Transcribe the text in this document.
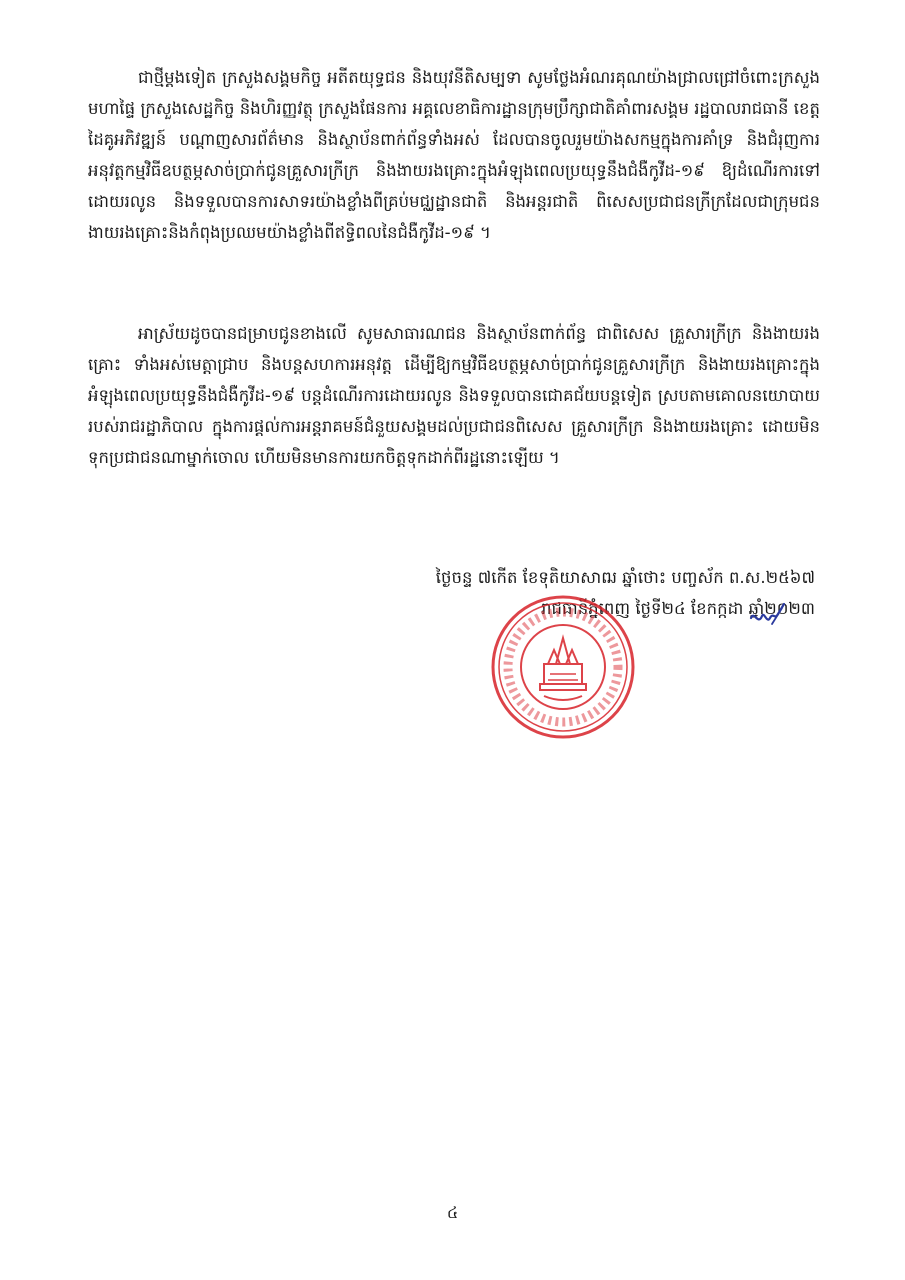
ជាថ្មីម្តងទៀត ក្រសួងសង្គមកិច្ច អតីតយុទ្ធជន និងយុវនីតិសម្បទា សូមថ្លែងអំណរគុណយ៉ាងជ្រាលជ្រៅចំពោះក្រសួងមហាផ្ទៃ ក្រសួងសេដ្ឋកិច្ច និងហិរញ្ញវត្ថុ ក្រសួងផែនការ អគ្គលេខាធិការដ្ឋានក្រុមប្រឹក្សាជាតិគាំពារសង្គម រដ្ឋបាលរាជធានី ខេត្ត ដៃគូអភិវឌ្ឍន៍ បណ្តាញសារព័ត៌មាន និងស្ថាប័នពាក់ព័ន្ធទាំងអស់ ដែលបានចូលរួមយ៉ាងសកម្មក្នុងការគាំទ្រ និងជំរុញការអនុវត្តកម្មវិធីឧបត្ថម្ភសាច់ប្រាក់ជូនគ្រួសារក្រីក្រ និងងាយរងគ្រោះក្នុងអំឡុងពេលប្រយុទ្ធនឹងជំងឺកូវីដ-១៩ ឱ្យដំណើរការទៅដោយរលូន និងទទួលបានការសាទរយ៉ាងខ្លាំងពីគ្រប់មជ្ឈដ្ឋានជាតិ និងអន្តរជាតិ ពិសេសប្រជាជនក្រីក្រដែលជាក្រុមជនងាយរងគ្រោះនិងកំពុងប្រឈមយ៉ាងខ្លាំងពីឥទ្ធិពលនៃជំងឺកូវីដ-១៩ ។

អាស្រ័យដូចបានជម្រាបជូនខាងលើ សូមសាធារណជន និងស្ថាប័នពាក់ព័ន្ធ ជាពិសេស គ្រួសារក្រីក្រ និងងាយរងគ្រោះ ទាំងអស់មេត្តាជ្រាប និងបន្តសហការអនុវត្ត ដើម្បីឱ្យកម្មវិធីឧបត្ថម្ភសាច់ប្រាក់ជូនគ្រួសារក្រីក្រ និងងាយរងគ្រោះក្នុងអំឡុងពេលប្រយុទ្ធនឹងជំងឺកូវីដ-១៩ បន្តដំណើរការដោយរលូន និងទទួលបានជោគជ័យបន្តទៀត ស្របតាមគោលនយោបាយរបស់រាជរដ្ឋាភិបាល ក្នុងការផ្តល់ការអន្តរាគមន៍ជំនួយសង្គមដល់ប្រជាជនពិសេស គ្រួសារក្រីក្រ និងងាយរងគ្រោះ ដោយមិនទុកប្រជាជនណាម្នាក់ចោល ហើយមិនមានការយកចិត្តទុកដាក់ពីរដ្ឋនោះឡើយ ។

ថ្ងៃចន្ទ ៧កើត ខែទុតិយាសាឍ ឆ្នាំថោះ បញ្ចស័ក ព.ស.២៥៦៧
រាជធានីភ្នំពេញ ថ្ងៃទី២៤ ខែកក្កដា ឆ្នាំ២០២៣
៤
